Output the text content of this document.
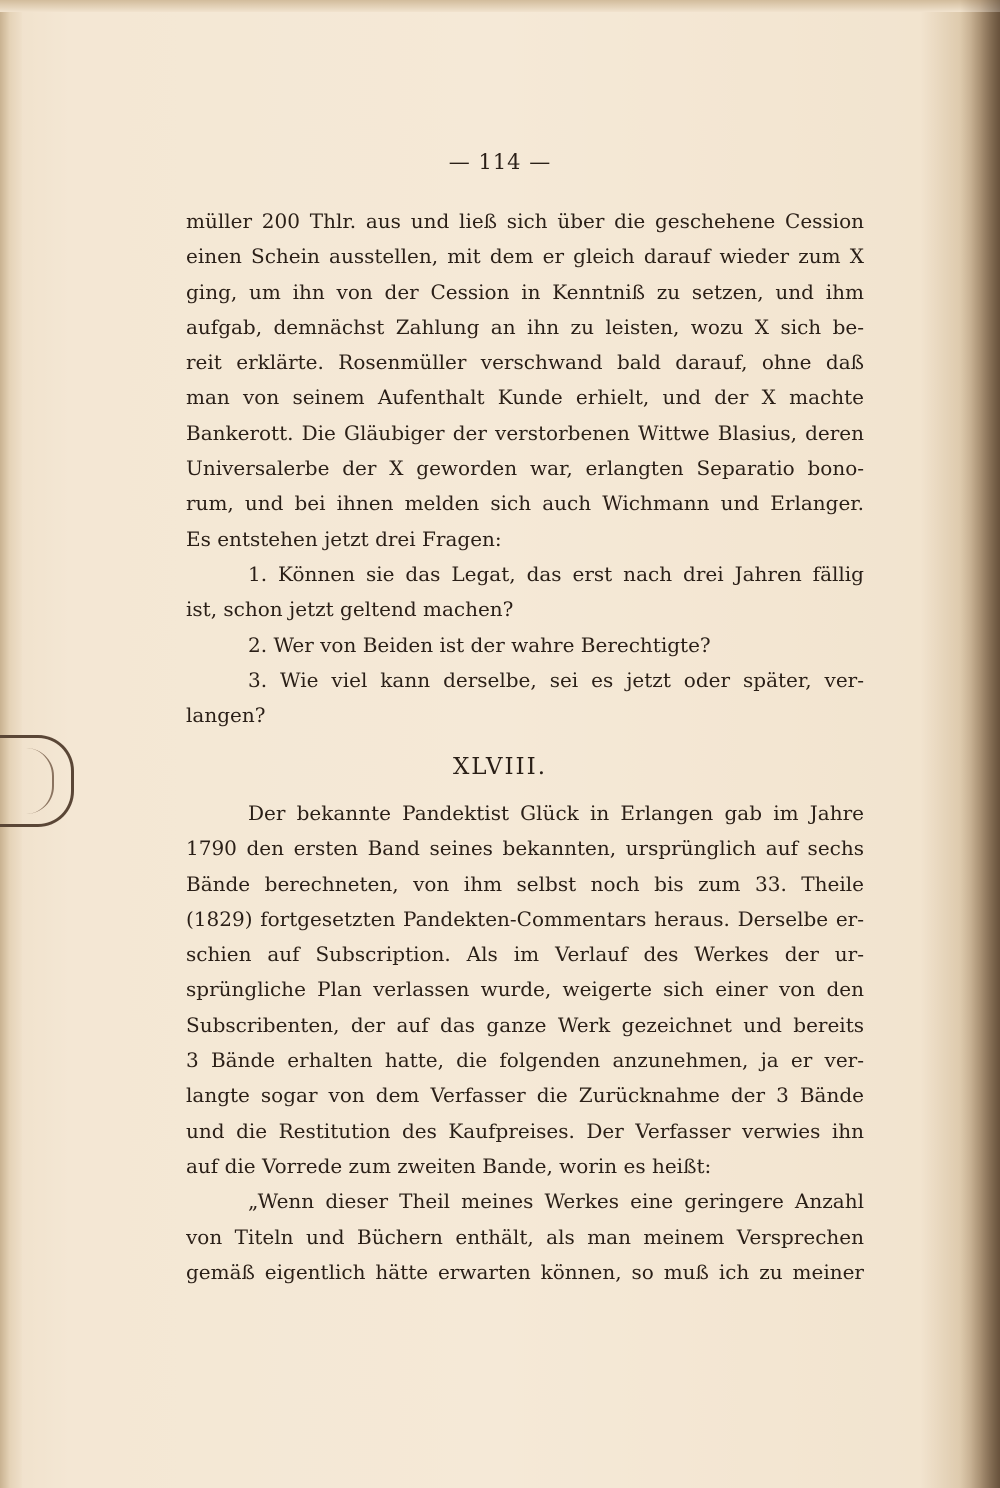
— 114 —
müller 200 Thlr. aus und ließ sich über die geschehene Cession
einen Schein ausstellen, mit dem er gleich darauf wieder zum X
ging, um ihn von der Cession in Kenntniß zu setzen, und ihm
aufgab, demnächst Zahlung an ihn zu leisten, wozu X sich be-
reit erklärte. Rosenmüller verschwand bald darauf, ohne daß
man von seinem Aufenthalt Kunde erhielt, und der X machte
Bankerott. Die Gläubiger der verstorbenen Wittwe Blasius, deren
Universalerbe der X geworden war, erlangten Separatio bono-
rum, und bei ihnen melden sich auch Wichmann und Erlanger.
Es entstehen jetzt drei Fragen:
1. Können sie das Legat, das erst nach drei Jahren fällig
ist, schon jetzt geltend machen?
2. Wer von Beiden ist der wahre Berechtigte?
3. Wie viel kann derselbe, sei es jetzt oder später, ver-
langen?
XLVIII.
Der bekannte Pandektist Glück in Erlangen gab im Jahre
1790 den ersten Band seines bekannten, ursprünglich auf sechs
Bände berechneten, von ihm selbst noch bis zum 33. Theile
(1829) fortgesetzten Pandekten-Commentars heraus. Derselbe er-
schien auf Subscription. Als im Verlauf des Werkes der ur-
sprüngliche Plan verlassen wurde, weigerte sich einer von den
Subscribenten, der auf das ganze Werk gezeichnet und bereits
3 Bände erhalten hatte, die folgenden anzunehmen, ja er ver-
langte sogar von dem Verfasser die Zurücknahme der 3 Bände
und die Restitution des Kaufpreises. Der Verfasser verwies ihn
auf die Vorrede zum zweiten Bande, worin es heißt:
„Wenn dieser Theil meines Werkes eine geringere Anzahl
von Titeln und Büchern enthält, als man meinem Versprechen
gemäß eigentlich hätte erwarten können, so muß ich zu meiner
